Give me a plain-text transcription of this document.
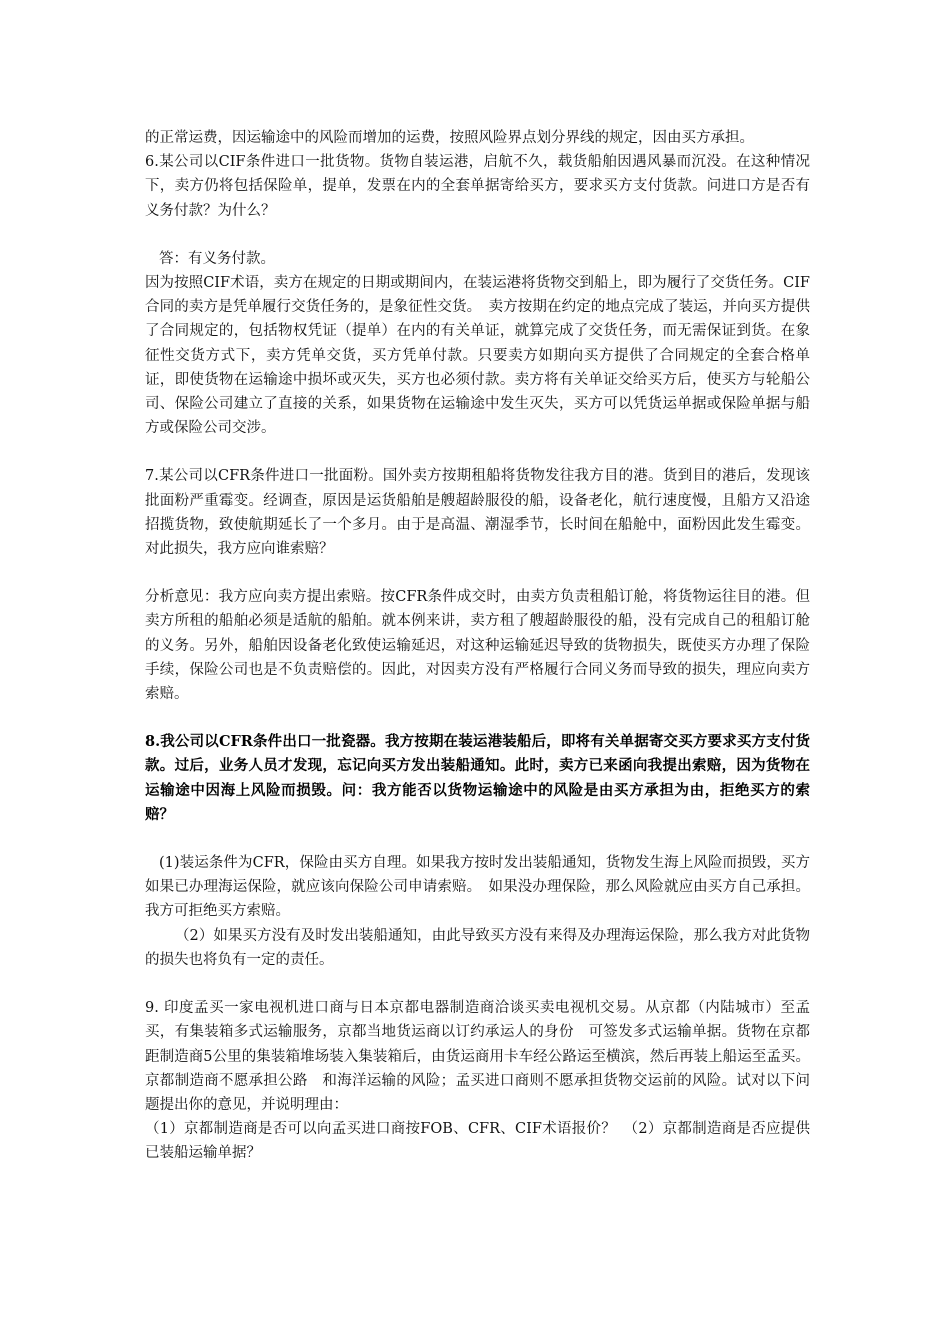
的正常运费，因运输途中的风险而增加的运费，按照风险界点划分界线的规定，因由买方承担。

6.某公司以CIF条件进口一批货物。货物自装运港，启航不久，载货船舶因遇风暴而沉没。在这种情况下，卖方仍将包括保险单，提单，发票在内的全套单据寄给买方，要求买方支付货款。问进口方是否有义务付款？为什么？

答：有义务付款。

因为按照CIF术语，卖方在规定的日期或期间内，在装运港将货物交到船上，即为履行了交货任务。CIF合同的卖方是凭单履行交货任务的，是象征性交货。　卖方按期在约定的地点完成了装运，并向买方提供了合同规定的，包括物权凭证（提单）在内的有关单证，就算完成了交货任务，而无需保证到货。在象征性交货方式下，卖方凭单交货，买方凭单付款。只要卖方如期向买方提供了合同规定的全套合格单证，即使货物在运输途中损坏或灭失，买方也必须付款。卖方将有关单证交给买方后，使买方与轮船公司、保险公司建立了直接的关系，如果货物在运输途中发生灭失，买方可以凭货运单据或保险单据与船方或保险公司交涉。

7.某公司以CFR条件进口一批面粉。国外卖方按期租船将货物发往我方目的港。货到目的港后，发现该批面粉严重霉变。经调查，原因是运货船舶是艘超龄服役的船，设备老化，航行速度慢，且船方又沿途招揽货物，致使航期延长了一个多月。由于是高温、潮湿季节，长时间在船舱中，面粉因此发生霉变。对此损失，我方应向谁索赔？

分析意见：我方应向卖方提出索赔。按CFR条件成交时，由卖方负责租船订舱，将货物运往目的港。但卖方所租的船舶必须是适航的船舶。就本例来讲，卖方租了艘超龄服役的船，没有完成自己的租船订舱的义务。另外，船舶因设备老化致使运输延迟，对这种运输延迟导致的货物损失，既使买方办理了保险手续，保险公司也是不负责赔偿的。因此，对因卖方没有严格履行合同义务而导致的损失，理应向卖方索赔。

8.我公司以CFR条件出口一批瓷器。我方按期在装运港装船后，即将有关单据寄交买方要求买方支付货款。过后，业务人员才发现，忘记向买方发出装船通知。此时，卖方已来函向我提出索赔，因为货物在运输途中因海上风险而损毁。问：我方能否以货物运输途中的风险是由买方承担为由，拒绝买方的索赔？

(1)装运条件为CFR，保险由买方自理。如果我方按时发出装船通知，货物发生海上风险而损毁，买方如果已办理海运保险，就应该向保险公司申请索赔。　如果没办理保险，那么风险就应由买方自己承担。 我方可拒绝买方索赔。

（2）如果买方没有及时发出装船通知，由此导致买方没有来得及办理海运保险，那么我方对此货物的损失也将负有一定的责任。

9. 印度孟买一家电视机进口商与日本京都电器制造商洽谈买卖电视机交易。从京都（内陆城市）至孟买，有集装箱多式运输服务，京都当地货运商以订约承运人的身份　可签发多式运输单据。货物在京都距制造商5公里的集装箱堆场装入集装箱后，由货运商用卡车经公路运至横滨，然后再装上船运至孟买。京都制造商不愿承担公路　和海洋运输的风险；孟买进口商则不愿承担货物交运前的风险。试对以下问题提出你的意见，并说明理由：

（1）京都制造商是否可以向孟买进口商按FOB、CFR、CIF术语报价？　（2）京都制造商是否应提供已装船运输单据？
